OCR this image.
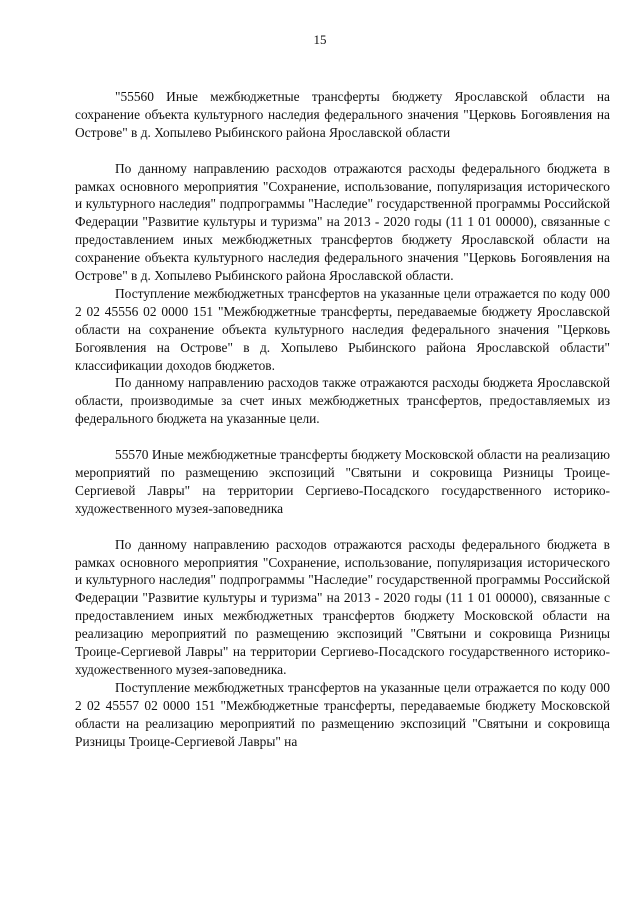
15

"55560 Иные межбюджетные трансферты бюджету Ярославской области на сохранение объекта культурного наследия федерального значения "Церковь Богоявления на Острове" в д. Хопылево Рыбинского района Ярославской области

По данному направлению расходов отражаются расходы федерального бюджета в рамках основного мероприятия "Сохранение, использование, популяризация исторического и культурного наследия" подпрограммы "Наследие" государственной программы Российской Федерации "Развитие культуры и туризма" на 2013 - 2020 годы (11 1 01 00000), связанные с предоставлением иных межбюджетных трансфертов бюджету Ярославской области на сохранение объекта культурного наследия федерального значения "Церковь Богоявления на Острове" в д. Хопылево Рыбинского района Ярославской области.

Поступление межбюджетных трансфертов на указанные цели отражается по коду 000 2 02 45556 02 0000 151 "Межбюджетные трансферты, передаваемые бюджету Ярославской области на сохранение объекта культурного наследия федерального значения "Церковь Богоявления на Острове" в д. Хопылево Рыбинского района Ярославской области" классификации доходов бюджетов.

По данному направлению расходов также отражаются расходы бюджета Ярославской области, производимые за счет иных межбюджетных трансфертов, предоставляемых из федерального бюджета на указанные цели.

55570 Иные межбюджетные трансферты бюджету Московской области на реализацию мероприятий по размещению экспозиций "Святыни и сокровища Ризницы Троице-Сергиевой Лавры" на территории Сергиево-Посадского государственного историко-художественного музея-заповедника

По данному направлению расходов отражаются расходы федерального бюджета в рамках основного мероприятия "Сохранение, использование, популяризация исторического и культурного наследия" подпрограммы "Наследие" государственной программы Российской Федерации "Развитие культуры и туризма" на 2013 - 2020 годы (11 1 01 00000), связанные с предоставлением иных межбюджетных трансфертов бюджету Московской области на реализацию мероприятий по размещению экспозиций "Святыни и сокровища Ризницы Троице-Сергиевой Лавры" на территории Сергиево-Посадского государственного историко-художественного музея-заповедника.

Поступление межбюджетных трансфертов на указанные цели отражается по коду 000 2 02 45557 02 0000 151 "Межбюджетные трансферты, передаваемые бюджету Московской области на реализацию мероприятий по размещению экспозиций "Святыни и сокровища Ризницы Троице-Сергиевой Лавры" на
